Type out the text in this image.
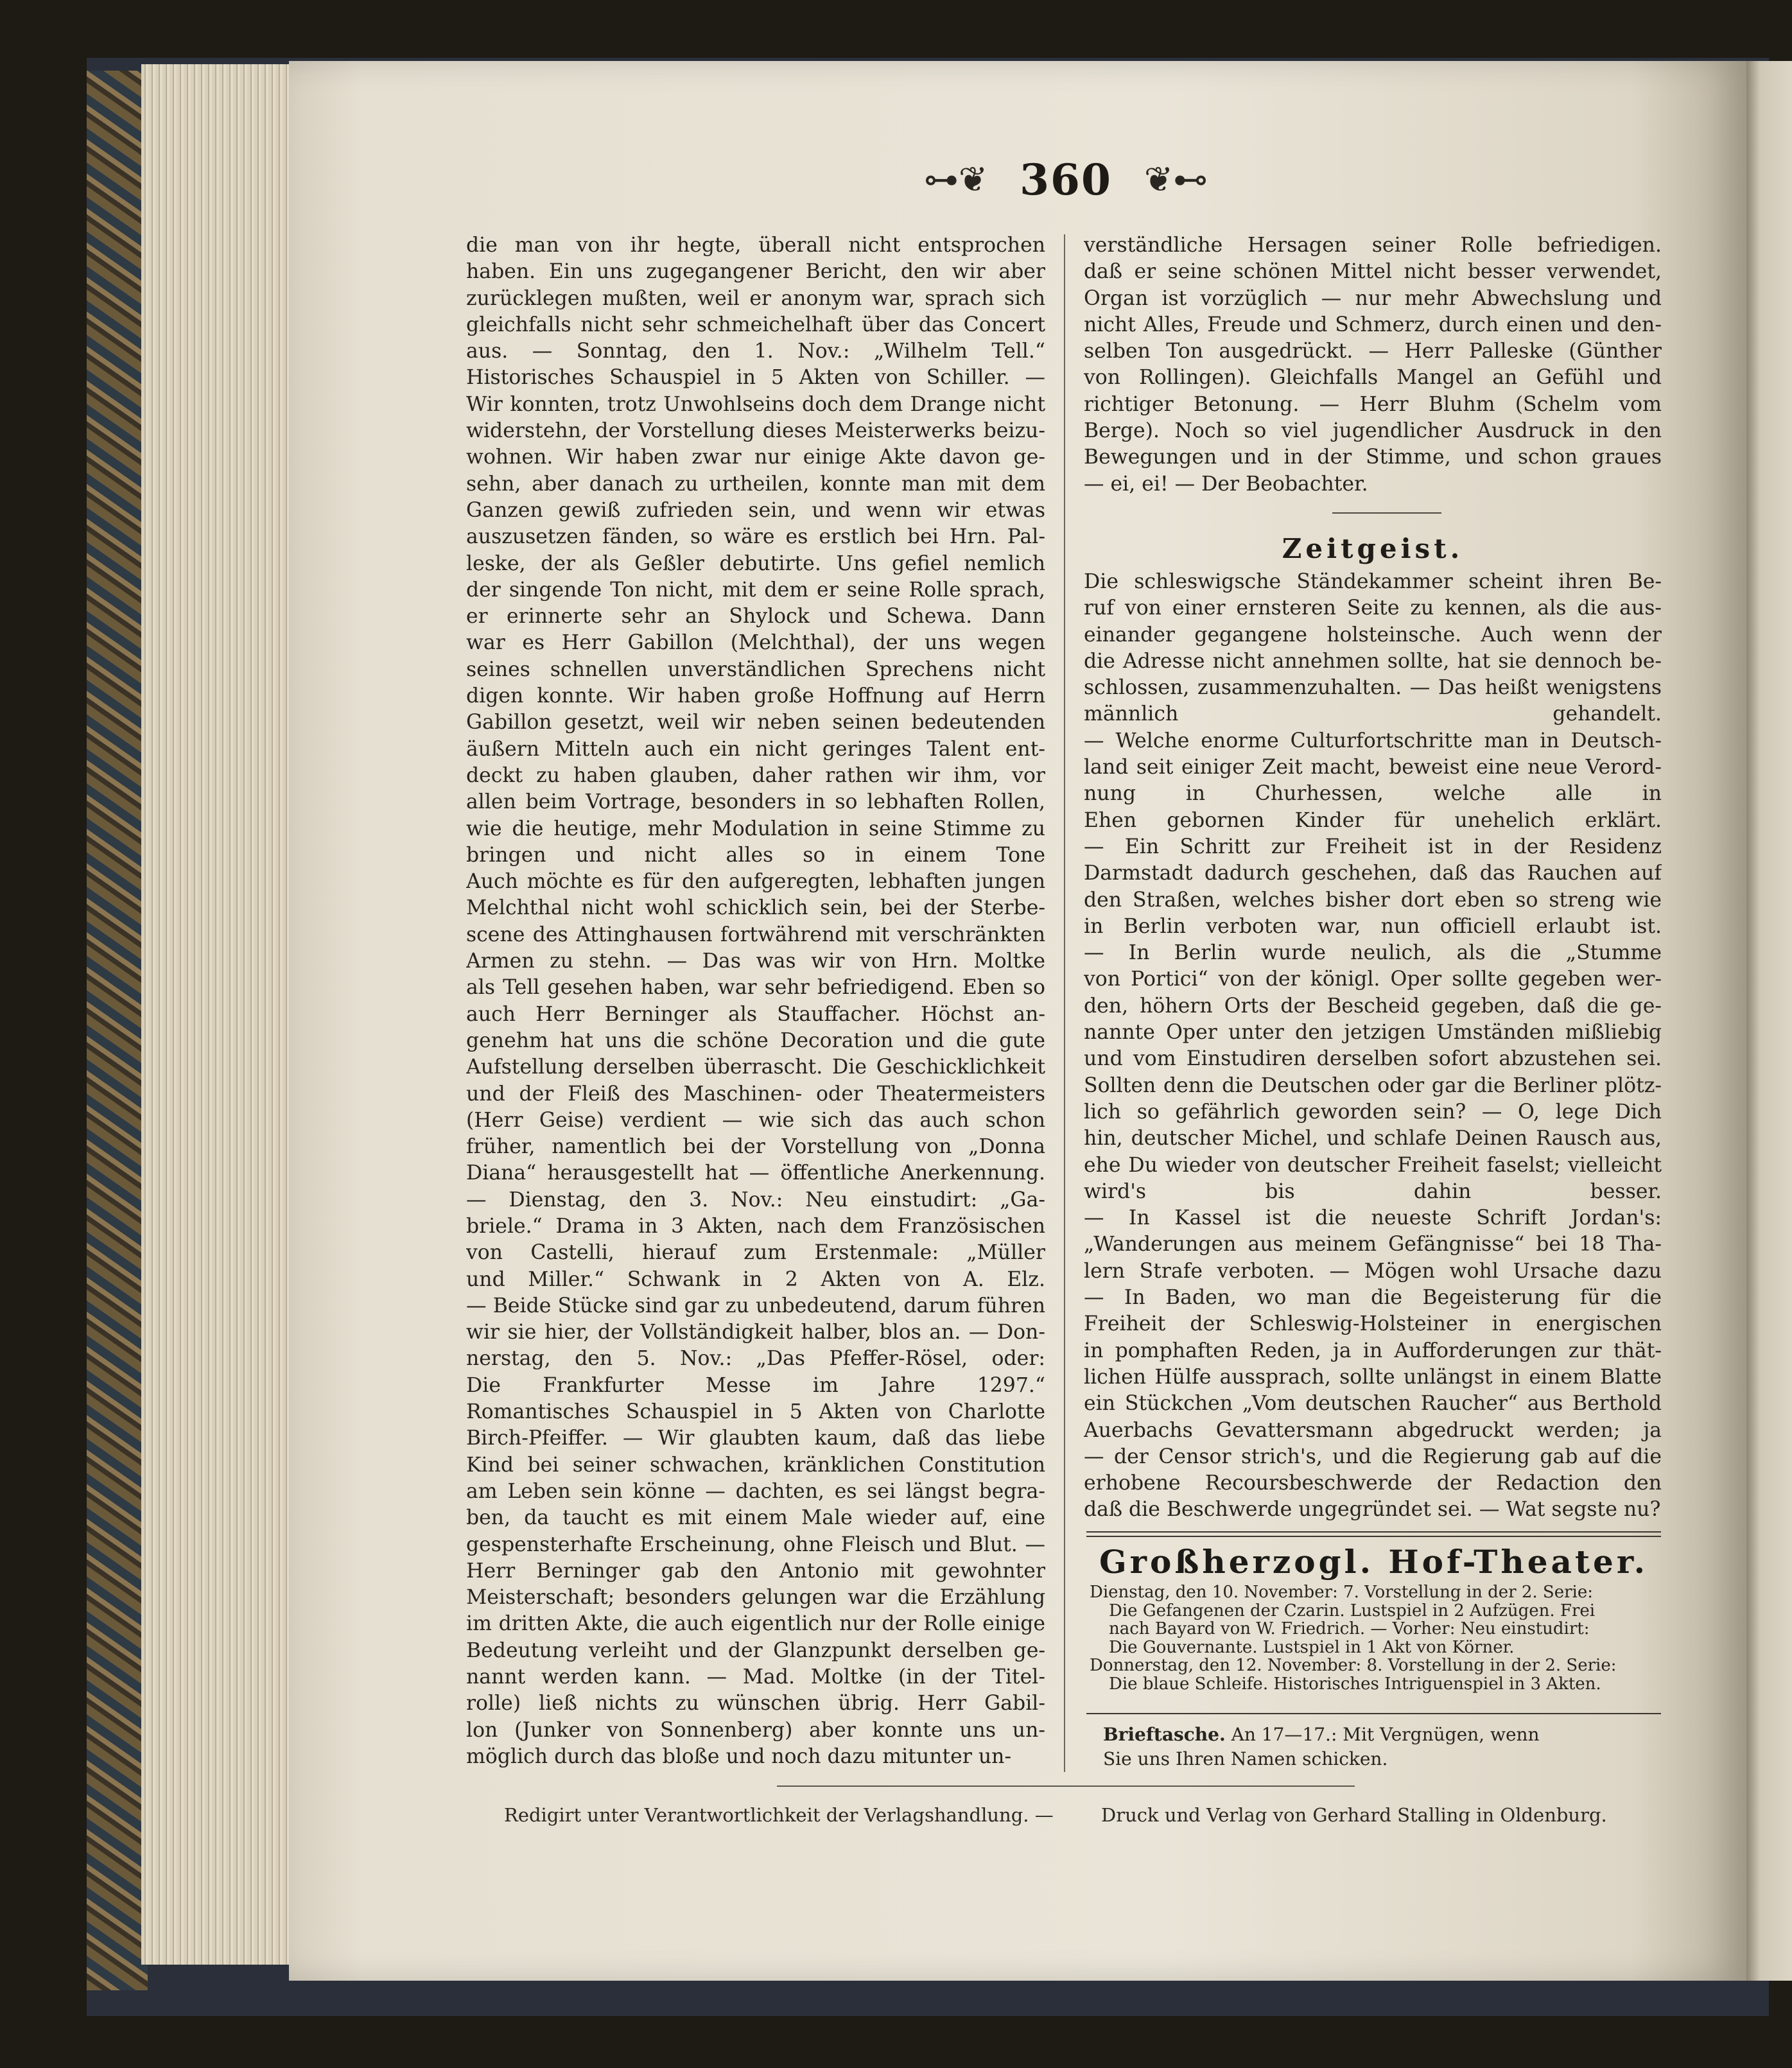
⊶❦ 360 ❦⊷
die man von ihr hegte, überall nicht entsprochen
haben. Ein uns zugegangener Bericht, den wir aber
zurücklegen mußten, weil er anonym war, sprach sich
gleichfalls nicht sehr schmeichelhaft über das Concert
aus. — Sonntag, den 1. Nov.: „Wilhelm Tell.“
Historisches Schauspiel in 5 Akten von Schiller. —
Wir konnten, trotz Unwohlseins doch dem Drange nicht
widerstehn, der Vorstellung dieses Meisterwerks beizu-
wohnen. Wir haben zwar nur einige Akte davon ge-
sehn, aber danach zu urtheilen, konnte man mit dem
Ganzen gewiß zufrieden sein, und wenn wir etwas
auszusetzen fänden, so wäre es erstlich bei Hrn. Pal-
leske, der als Geßler debutirte. Uns gefiel nemlich
der singende Ton nicht, mit dem er seine Rolle sprach,
er erinnerte sehr an Shylock und Schewa. Dann
war es Herr Gabillon (Melchthal), der uns wegen
seines schnellen unverständlichen Sprechens nicht
digen konnte. Wir haben große Hoffnung auf Herrn
Gabillon gesetzt, weil wir neben seinen bedeutenden
äußern Mitteln auch ein nicht geringes Talent ent-
deckt zu haben glauben, daher rathen wir ihm, vor
allen beim Vortrage, besonders in so lebhaften Rollen,
wie die heutige, mehr Modulation in seine Stimme zu
bringen und nicht alles so in einem Tone
Auch möchte es für den aufgeregten, lebhaften jungen
Melchthal nicht wohl schicklich sein, bei der Sterbe-
scene des Attinghausen fortwährend mit verschränkten
Armen zu stehn. — Das was wir von Hrn. Moltke
als Tell gesehen haben, war sehr befriedigend. Eben so
auch Herr Berninger als Stauffacher. Höchst an-
genehm hat uns die schöne Decoration und die gute
Aufstellung derselben überrascht. Die Geschicklichkeit
und der Fleiß des Maschinen- oder Theatermeisters
(Herr Geise) verdient — wie sich das auch schon
früher, namentlich bei der Vorstellung von „Donna
Diana“ herausgestellt hat — öffentliche Anerkennung.
— Dienstag, den 3. Nov.: Neu einstudirt: „Ga-
briele.“ Drama in 3 Akten, nach dem Französischen
von Castelli, hierauf zum Erstenmale: „Müller
und Miller.“ Schwank in 2 Akten von A. Elz.
— Beide Stücke sind gar zu unbedeutend, darum führen
wir sie hier, der Vollständigkeit halber, blos an. — Don-
nerstag, den 5. Nov.: „Das Pfeffer-Rösel, oder:
Die Frankfurter Messe im Jahre 1297.“
Romantisches Schauspiel in 5 Akten von Charlotte
Birch-Pfeiffer. — Wir glaubten kaum, daß das liebe
Kind bei seiner schwachen, kränklichen Constitution
am Leben sein könne — dachten, es sei längst begra-
ben, da taucht es mit einem Male wieder auf, eine
gespensterhafte Erscheinung, ohne Fleisch und Blut. —
Herr Berninger gab den Antonio mit gewohnter
Meisterschaft; besonders gelungen war die Erzählung
im dritten Akte, die auch eigentlich nur der Rolle einige
Bedeutung verleiht und der Glanzpunkt derselben ge-
nannt werden kann. — Mad. Moltke (in der Titel-
rolle) ließ nichts zu wünschen übrig. Herr Gabil-
lon (Junker von Sonnenberg) aber konnte uns un-
möglich durch das bloße und noch dazu mitunter un-
verständliche Hersagen seiner Rolle befriedigen.
daß er seine schönen Mittel nicht besser verwendet,
Organ ist vorzüglich — nur mehr Abwechslung und
nicht Alles, Freude und Schmerz, durch einen und den-
selben Ton ausgedrückt. — Herr Palleske (Günther
von Rollingen). Gleichfalls Mangel an Gefühl und
richtiger Betonung. — Herr Bluhm (Schelm vom
Berge). Noch so viel jugendlicher Ausdruck in den
Bewegungen und in der Stimme, und schon graues
— ei, ei! — Der Beobachter.
Zeitgeist.
Die schleswigsche Ständekammer scheint ihren Be-
ruf von einer ernsteren Seite zu kennen, als die aus-
einander gegangene holsteinsche. Auch wenn der
die Adresse nicht annehmen sollte, hat sie dennoch be-
schlossen, zusammenzuhalten. — Das heißt wenigstens
männlich gehandelt.
— Welche enorme Culturfortschritte man in Deutsch-
land seit einiger Zeit macht, beweist eine neue Verord-
nung in Churhessen, welche alle in
Ehen gebornen Kinder für unehelich erklärt.
— Ein Schritt zur Freiheit ist in der Residenz
Darmstadt dadurch geschehen, daß das Rauchen auf
den Straßen, welches bisher dort eben so streng wie
in Berlin verboten war, nun officiell erlaubt ist.
— In Berlin wurde neulich, als die „Stumme
von Portici“ von der königl. Oper sollte gegeben wer-
den, höhern Orts der Bescheid gegeben, daß die ge-
nannte Oper unter den jetzigen Umständen mißliebig
und vom Einstudiren derselben sofort abzustehen sei.
Sollten denn die Deutschen oder gar die Berliner plötz-
lich so gefährlich geworden sein? — O, lege Dich
hin, deutscher Michel, und schlafe Deinen Rausch aus,
ehe Du wieder von deutscher Freiheit faselst; vielleicht
wird's bis dahin besser.
— In Kassel ist die neueste Schrift Jordan's:
„Wanderungen aus meinem Gefängnisse“ bei 18 Tha-
lern Strafe verboten. — Mögen wohl Ursache dazu
— In Baden, wo man die Begeisterung für die
Freiheit der Schleswig-Holsteiner in energischen
in pomphaften Reden, ja in Aufforderungen zur thät-
lichen Hülfe aussprach, sollte unlängst in einem Blatte
ein Stückchen „Vom deutschen Raucher“ aus Berthold
Auerbachs Gevattersmann abgedruckt werden; ja
— der Censor strich's, und die Regierung gab auf die
erhobene Recoursbeschwerde der Redaction den
daß die Beschwerde ungegründet sei. — Wat segste nu?
Großherzogl. Hof-Theater.
Dienstag, den 10. November: 7. Vorstellung in der 2. Serie:
Die Gefangenen der Czarin. Lustspiel in 2 Aufzügen. Frei
nach Bayard von W. Friedrich. — Vorher: Neu einstudirt:
Die Gouvernante. Lustspiel in 1 Akt von Körner.
Donnerstag, den 12. November: 8. Vorstellung in der 2. Serie:
Die blaue Schleife. Historisches Intriguenspiel in 3 Akten.
Brieftasche. An 17—17.: Mit Vergnügen, wenn
Sie uns Ihren Namen schicken.
Redigirt unter Verantwortlichkeit der Verlagshandlung. —	Druck und Verlag von Gerhard Stalling in Oldenburg.
